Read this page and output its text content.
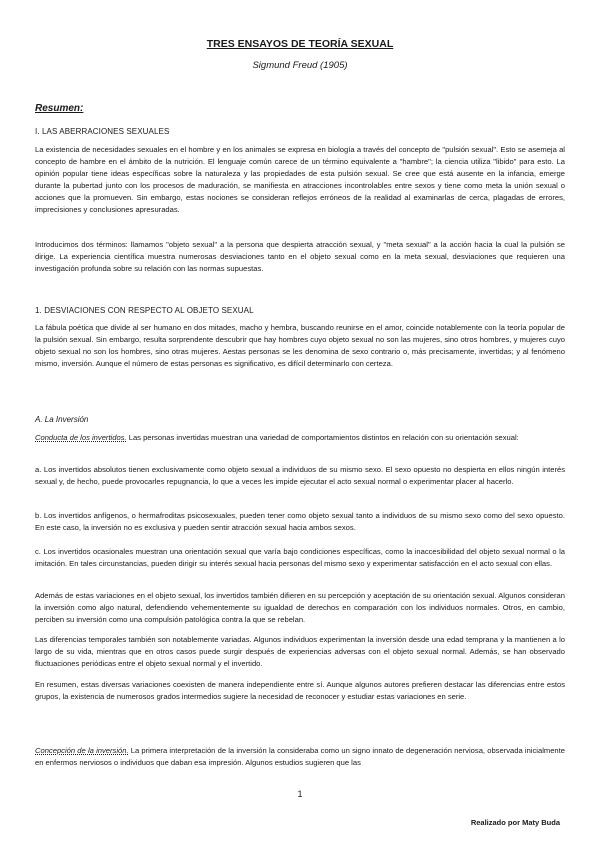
TRES ENSAYOS DE TEORÍA SEXUAL
Sigmund Freud (1905)
Resumen:
I. LAS ABERRACIONES SEXUALES

La existencia de necesidades sexuales en el hombre y en los animales se expresa en biología a través del concepto de "pulsión sexual". Esto se asemeja al concepto de hambre en el ámbito de la nutrición. El lenguaje común carece de un término equivalente a "hambre"; la ciencia utiliza "libido" para esto. La opinión popular tiene ideas específicas sobre la naturaleza y las propiedades de esta pulsión sexual. Se cree que está ausente en la infancia, emerge durante la pubertad junto con los procesos de maduración, se manifiesta en atracciones incontrolables entre sexos y tiene como meta la unión sexual o acciones que la promueven. Sin embargo, estas nociones se consideran reflejos erróneos de la realidad al examinarlas de cerca, plagadas de errores, imprecisiones y conclusiones apresuradas.

Introducimos dos términos: llamamos "objeto sexual" a la persona que despierta atracción sexual, y "meta sexual" a la acción hacia la cual la pulsión se dirige. La experiencia científica muestra numerosas desviaciones tanto en el objeto sexual como en la meta sexual, desviaciones que requieren una investigación profunda sobre su relación con las normas supuestas.

1. DESVIACIONES CON RESPECTO AL OBJETO SEXUAL

La fábula poética que divide al ser humano en dos mitades, macho y hembra, buscando reunirse en el amor, coincide notablemente con la teoría popular de la pulsión sexual. Sin embargo, resulta sorprendente descubrir que hay hombres cuyo objeto sexual no son las mujeres, sino otros hombres, y mujeres cuyo objeto sexual no son los hombres, sino otras mujeres. Aestas personas se les denomina de sexo contrario o, más precisamente, invertidas; y al fenómeno mismo, inversión. Aunque el número de estas personas es significativo, es difícil determinarlo con certeza.

A. La Inversión

Conducta de los invertidos. Las personas invertidas muestran una variedad de comportamientos distintos en relación con su orientación sexual:

a. Los invertidos absolutos tienen exclusivamente como objeto sexual a individuos de su mismo sexo. El sexo opuesto no despierta en ellos ningún interés sexual y, de hecho, puede provocarles repugnancia, lo que a veces les impide ejecutar el acto sexual normal o experimentar placer al hacerlo.

b. Los invertidos anfígenos, o hermafroditas psicosexuales, pueden tener como objeto sexual tanto a individuos de su mismo sexo como del sexo opuesto. En este caso, la inversión no es exclusiva y pueden sentir atracción sexual hacia ambos sexos.

c. Los invertidos ocasionales muestran una orientación sexual que varía bajo condiciones específicas, como la inaccesibilidad del objeto sexual normal o la imitación. En tales circunstancias, pueden dirigir su interés sexual hacia personas del mismo sexo y experimentar satisfacción en el acto sexual con ellas.

Además de estas variaciones en el objeto sexual, los invertidos también difieren en su percepción y aceptación de su orientación sexual. Algunos consideran la inversión como algo natural, defendiendo vehementemente su igualdad de derechos en comparación con los individuos normales. Otros, en cambio, perciben su inversión como una compulsión patológica contra la que se rebelan.

Las diferencias temporales también son notablemente variadas. Algunos individuos experimentan la inversión desde una edad temprana y la mantienen a lo largo de su vida, mientras que en otros casos puede surgir después de experiencias adversas con el objeto sexual normal. Además, se han observado fluctuaciones periódicas entre el objeto sexual normal y el invertido.

En resumen, estas diversas variaciones coexisten de manera independiente entre sí. Aunque algunos autores prefieren destacar las diferencias entre estos grupos, la existencia de numerosos grados intermedios sugiere la necesidad de reconocer y estudiar estas variaciones en serie.

Concepción de la inversión. La primera interpretación de la inversión la consideraba como un signo innato de degeneración nerviosa, observada inicialmente en enfermos nerviosos o individuos que daban esa impresión. Algunos estudios sugieren que las

1
Realizado por Maty Buda
